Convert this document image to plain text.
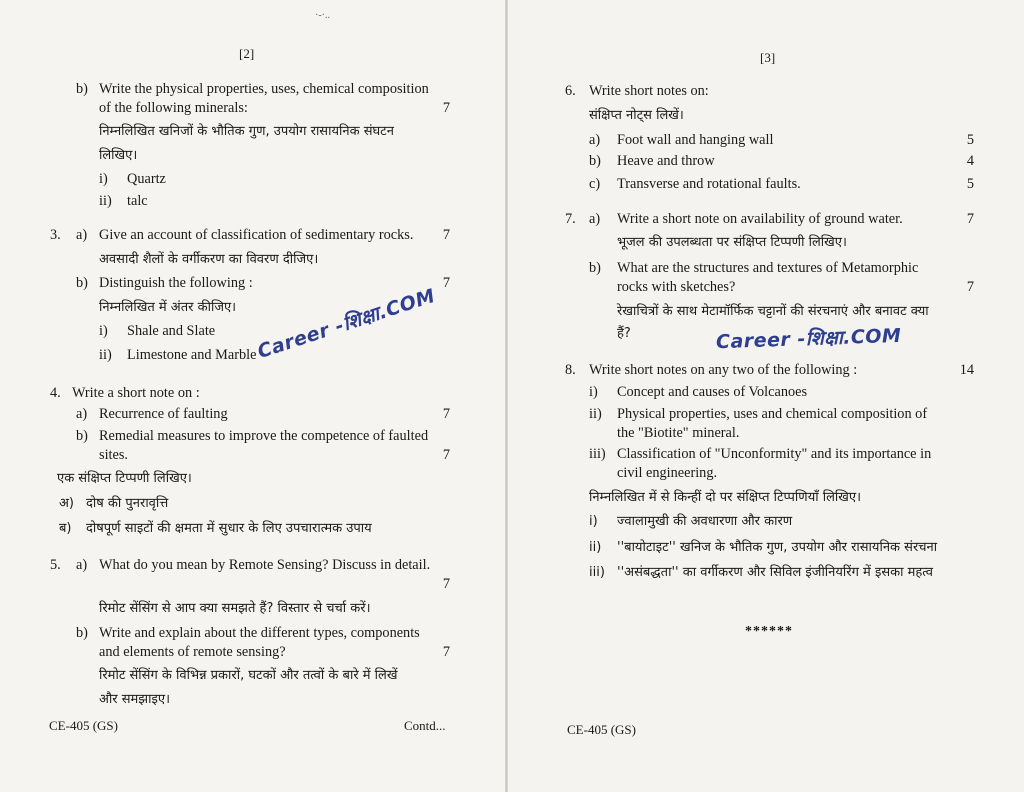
[2]
b) Write the physical properties, uses, chemical composition
of the following minerals:	7
निम्नलिखित खनिजों के भौतिक गुण, उपयोग रासायनिक संघटन
लिखिए।
i) Quartz
ii) talc
3. a) Give an account of classification of sedimentary rocks.	7
अवसादी शैलों के वर्गीकरण का विवरण दीजिए।
b) Distinguish the following :	7
निम्नलिखित में अंतर कीजिए।
i) Shale and Slate
ii) Limestone and Marble
Career -शिक्षा.COM
4. Write a short note on :
a) Recurrence of faulting	7
b) Remedial measures to improve the competence of faulted
sites.	7
एक संक्षिप्त टिप्पणी लिखिए।
अ) दोष की पुनरावृत्ति
ब) दोषपूर्ण साइटों की क्षमता में सुधार के लिए उपचारात्मक उपाय
5. a) What do you mean by Remote Sensing? Discuss in detail.
7
रिमोट सेंसिंग से आप क्या समझते हैं? विस्तार से चर्चा करें।
b) Write and explain about the different types, components
and elements of remote sensing?	7
रिमोट सेंसिंग के विभिन्न प्रकारों, घटकों और तत्वों के बारे में लिखें
और समझाइए।
CE-405 (GS)	Contd...
·-·..
[3]
6. Write short notes on:
संक्षिप्त नोट्स लिखें।
a) Foot wall and hanging wall	5
b) Heave and throw	4
c) Transverse and rotational faults.	5
7. a) Write a short note on availability of ground water.	7
भूजल की उपलब्धता पर संक्षिप्त टिप्पणी लिखिए।
b) What are the structures and textures of Metamorphic
rocks with sketches?	7
रेखाचित्रों के साथ मेटामॉर्फिक चट्टानों की संरचनाएं और बनावट क्या
हैं?	Career -शिक्षा.COM
8. Write short notes on any two of the following :	14
i) Concept and causes of Volcanoes
ii) Physical properties, uses and chemical composition of
the "Biotite" mineral.
iii) Classification of "Unconformity" and its importance in
civil engineering.
निम्नलिखित में से किन्हीं दो पर संक्षिप्त टिप्पणियाँ लिखिए।
i) ज्वालामुखी की अवधारणा और कारण
ii) ''बायोटाइट'' खनिज के भौतिक गुण, उपयोग और रासायनिक संरचना
iii) ''असंबद्धता'' का वर्गीकरण और सिविल इंजीनियरिंग में इसका महत्व
******
CE-405 (GS)
